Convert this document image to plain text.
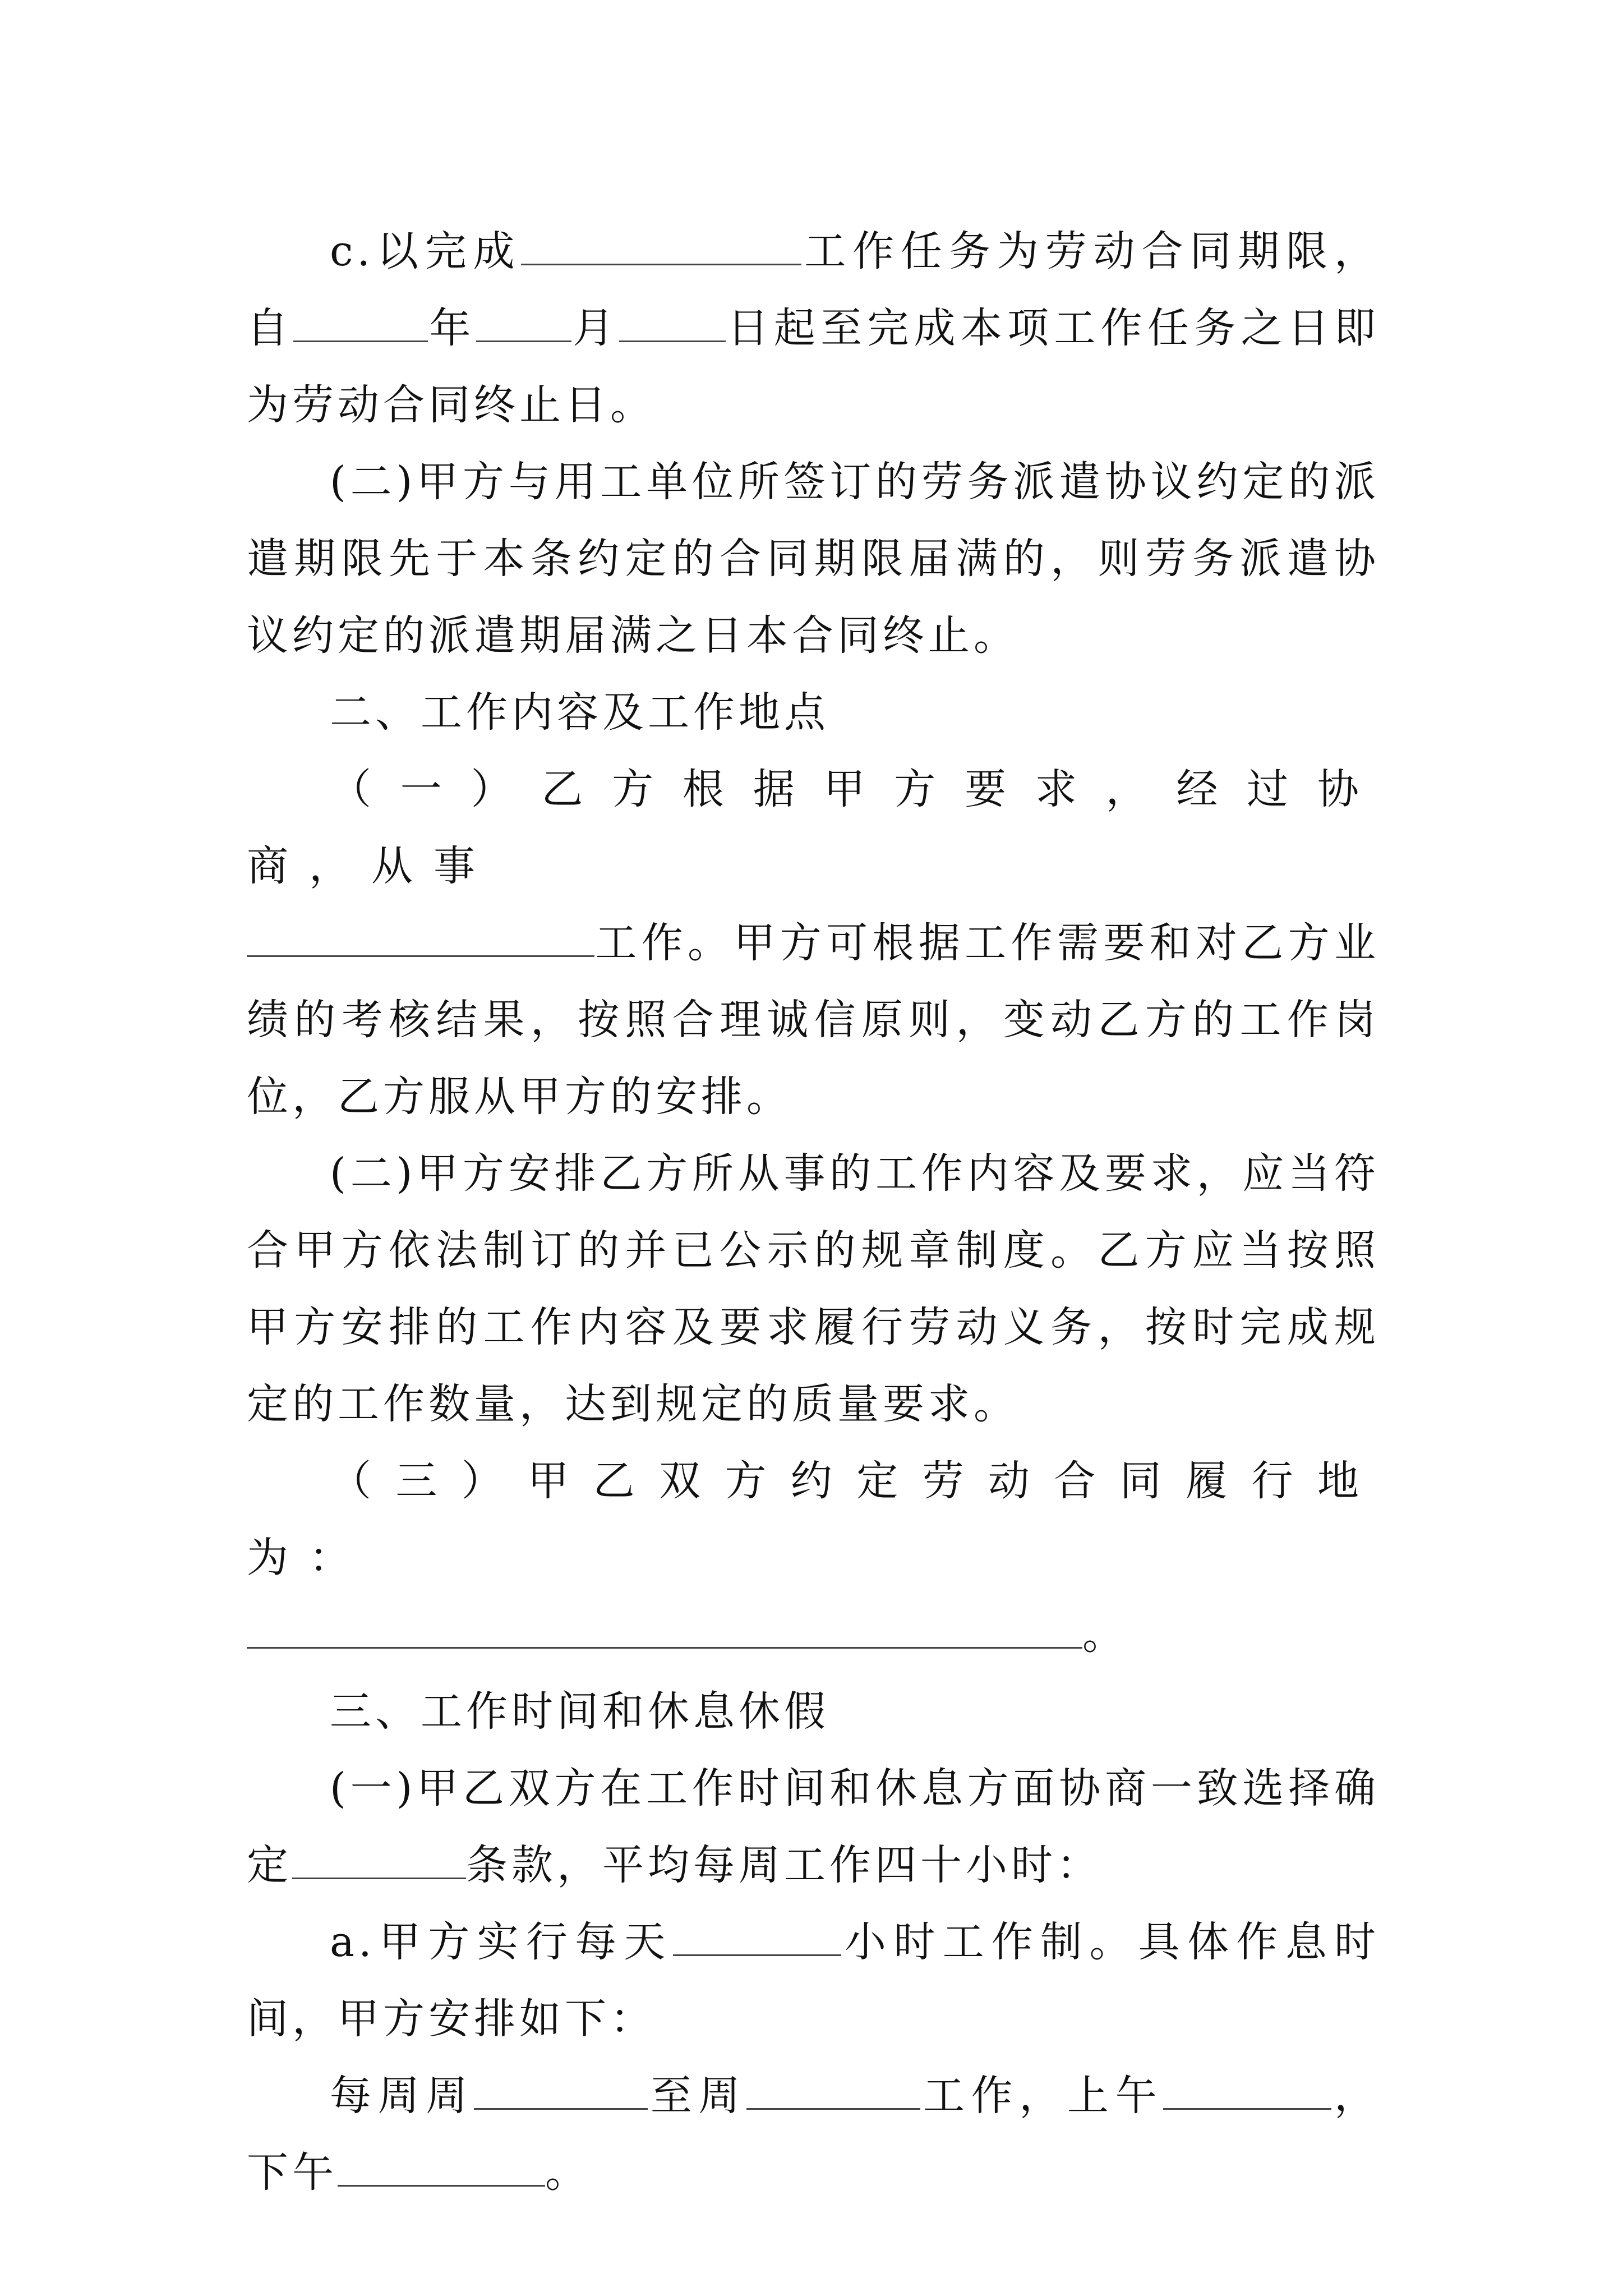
c.以完成	工作任务为劳动合同期限，自	年 月	日起至完成本项工作任务之日即为劳动合同终止日。

(二)甲方与用工单位所签订的劳务派遣协议约定的派遣期限先于本条约定的合同期限届满的，则劳务派遣协议约定的派遣期届满之日本合同终止。

二、工作内容及工作地点

（一）乙方根据甲方要求，经过协商，从事

工作。甲方可根据工作需要和对乙方业绩的考核结果，按照合理诚信原则，变动乙方的工作岗位，乙方服从甲方的安排。

(二)甲方安排乙方所从事的工作内容及要求，应当符合甲方依法制订的并已公示的规章制度。乙方应当按照甲方安排的工作内容及要求履行劳动义务，按时完成规定的工作数量，达到规定的质量要求。

（三）甲乙双方约定劳动合同履行地为：

。

三、工作时间和休息休假

(一)甲乙双方在工作时间和休息方面协商一致选择确定	条款，平均每周工作四十小时：

a.甲方实行每天	小时工作制。具体作息时间，甲方安排如下：

每周周	至周	工作，上午	，下午	。
